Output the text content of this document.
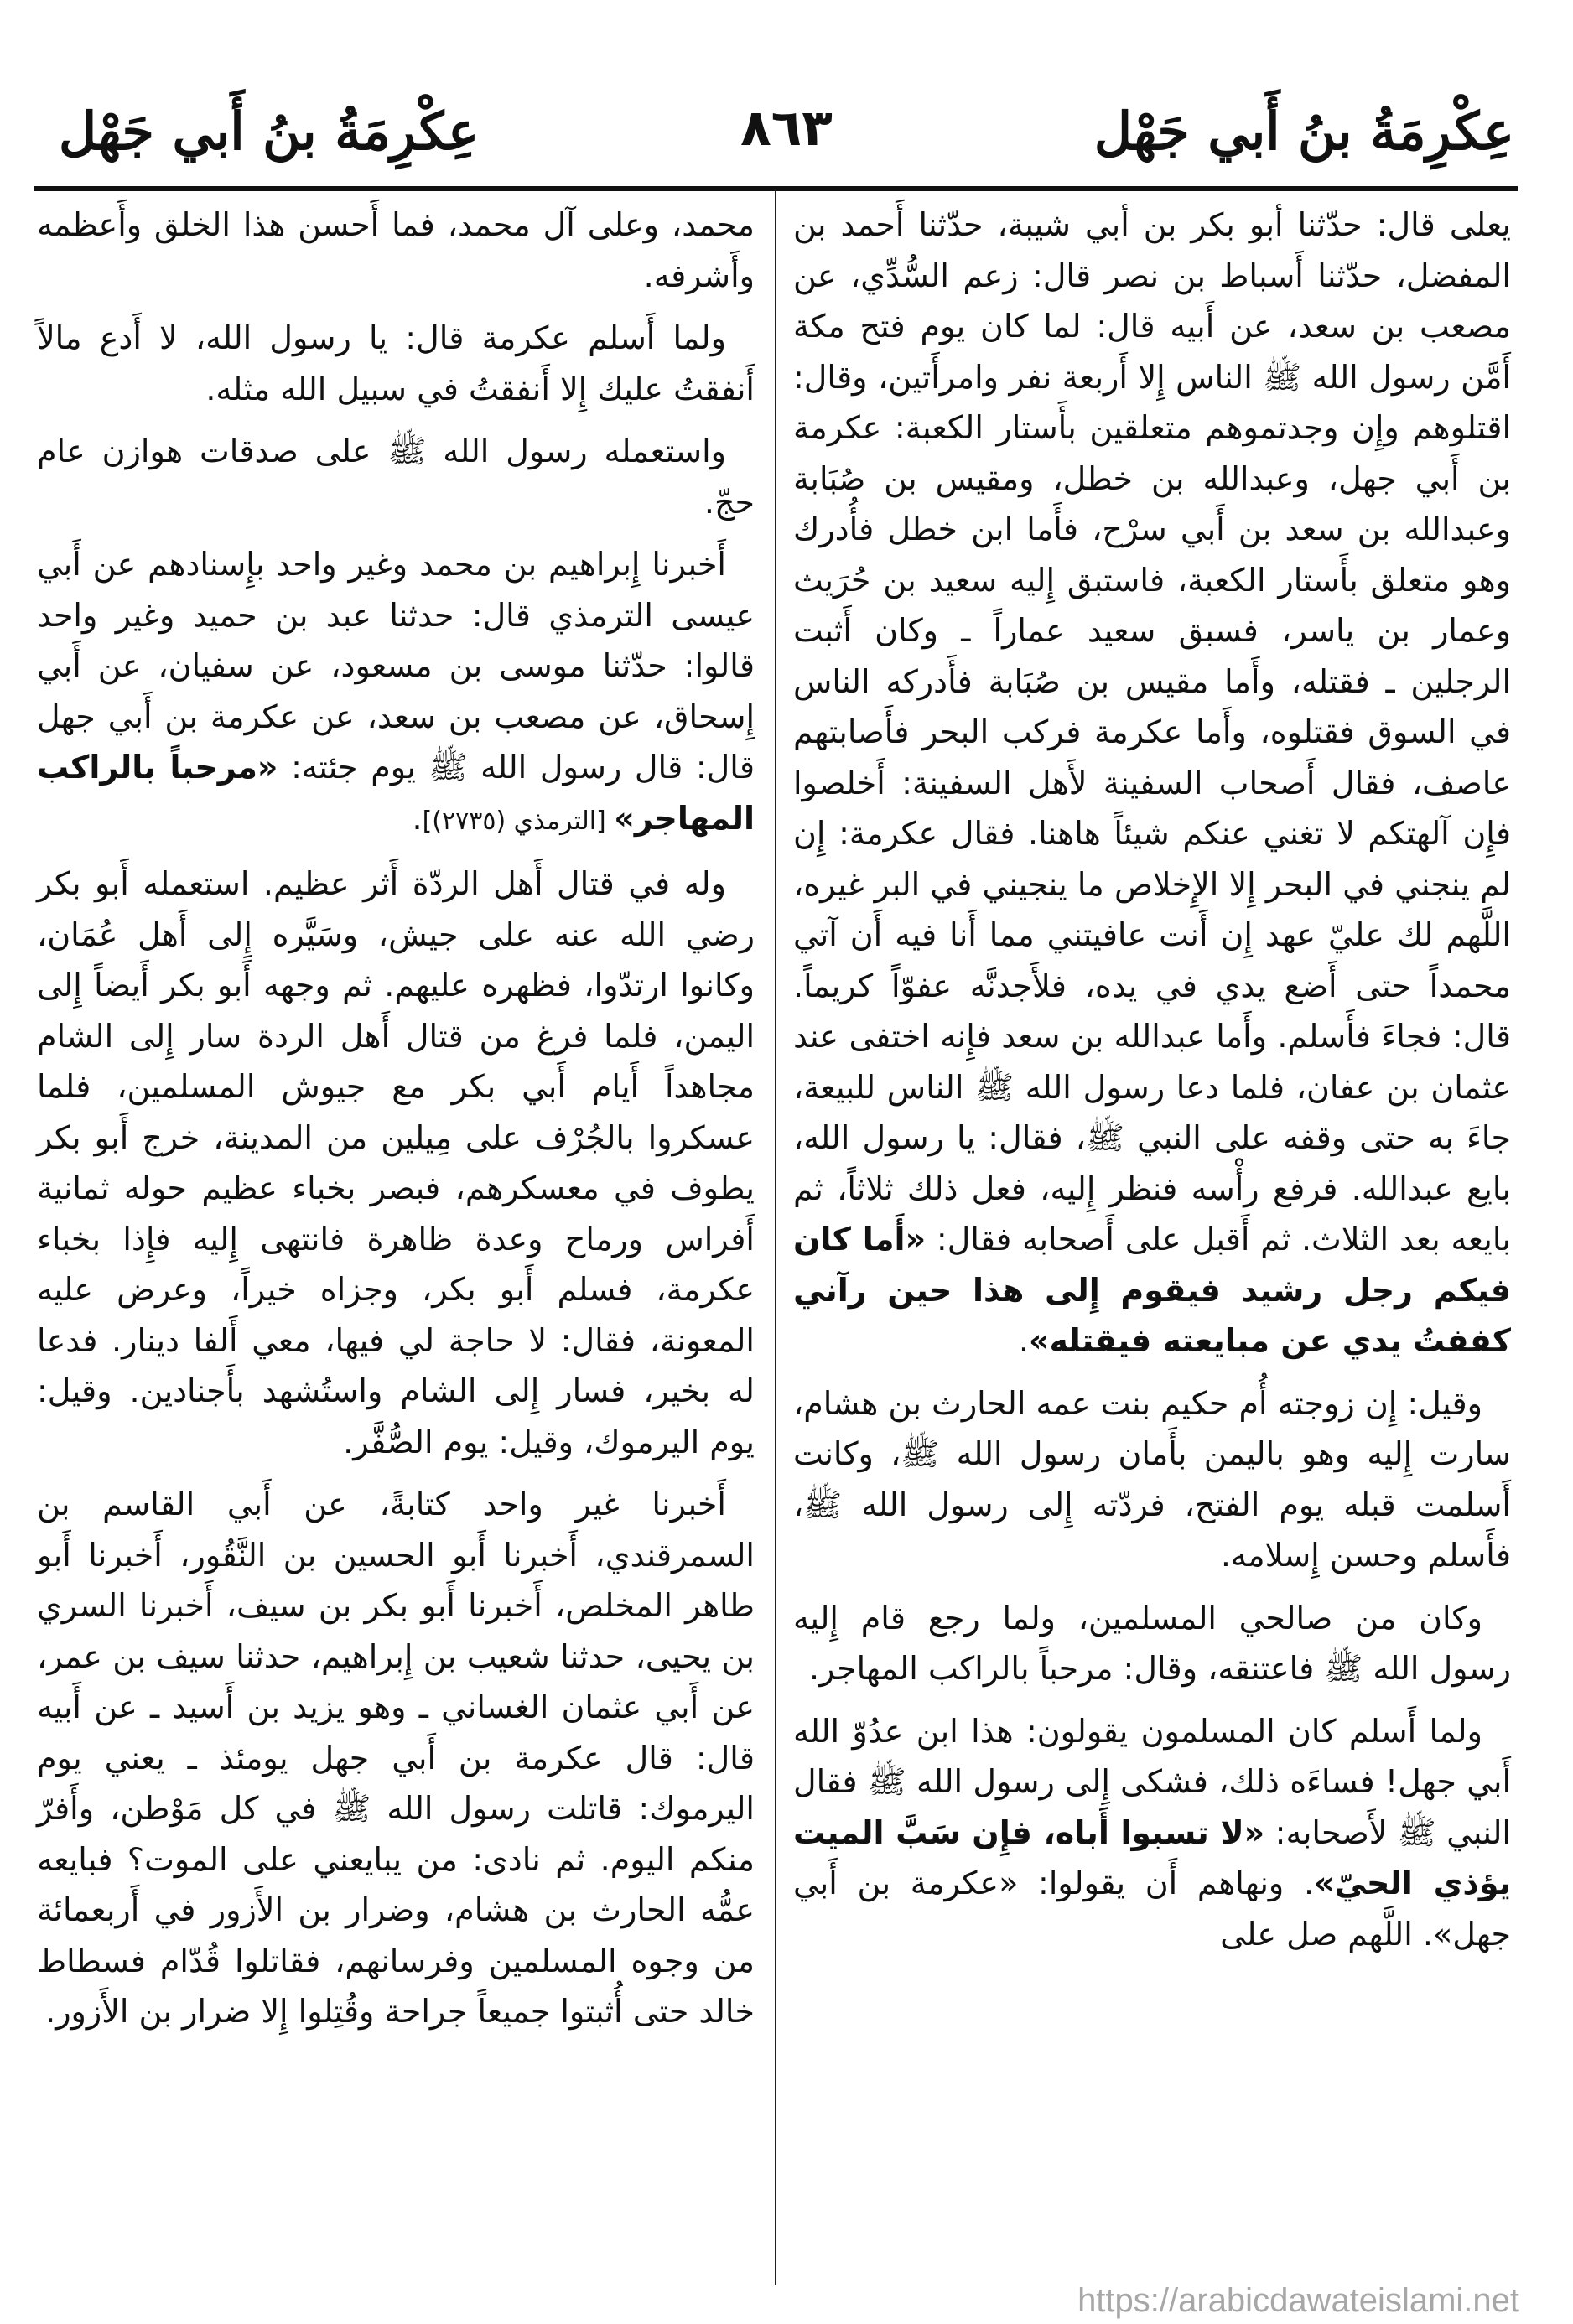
عِكْرِمَةُ بنُ أَبي جَهْل
٨٦٣
عِكْرِمَةُ بنُ أَبي جَهْل

يعلى قال: حدّثنا أبو بكر بن أبي شيبة، حدّثنا أَحمد بن المفضل، حدّثنا أَسباط بن نصر قال: زعم السُّدِّي، عن مصعب بن سعد، عن أَبيه قال: لما كان يوم فتح مكة أَمَّن رسول الله ﷺ الناس إِلا أَربعة نفر وامرأَتين، وقال: اقتلوهم وإِن وجدتموهم متعلقين بأَستار الكعبة: عكرمة بن أَبي جهل، وعبدالله بن خطل، ومقيس بن صُبَابة وعبدالله بن سعد بن أَبي سرْح، فأَما ابن خطل فأُدرك وهو متعلق بأَستار الكعبة، فاستبق إِليه سعيد بن حُرَيث وعمار بن ياسر، فسبق سعيد عماراً ـ وكان أَثبت الرجلين ـ فقتله، وأَما مقيس بن صُبَابة فأَدركه الناس في السوق فقتلوه، وأَما عكرمة فركب البحر فأَصابتهم عاصف، فقال أَصحاب السفينة لأَهل السفينة: أَخلصوا فإِن آلهتكم لا تغني عنكم شيئاً هاهنا. فقال عكرمة: إِن لم ينجني في البحر إِلا الإِخلاص ما ينجيني في البر غيره، اللَّهم لك عليّ عهد إِن أَنت عافيتني مما أَنا فيه أَن آتي محمداً حتى أَضع يدي في يده، فلأَجدنَّه عفوّاً كريماً. قال: فجاءَ فأَسلم. وأَما عبدالله بن سعد فإِنه اختفى عند عثمان بن عفان، فلما دعا رسول الله ﷺ الناس للبيعة، جاءَ به حتى وقفه على النبي ﷺ، فقال: يا رسول الله، بايع عبدالله. فرفع رأْسه فنظر إِليه، فعل ذلك ثلاثاً، ثم بايعه بعد الثلاث. ثم أَقبل على أَصحابه فقال: «أَما كان فيكم رجل رشيد فيقوم إِلى هذا حين رآني كففتُ يدي عن مبايعته فيقتله».

وقيل: إِن زوجته أُم حكيم بنت عمه الحارث بن هشام، سارت إِليه وهو باليمن بأَمان رسول الله ﷺ، وكانت أَسلمت قبله يوم الفتح، فردّته إِلى رسول الله ﷺ، فأَسلم وحسن إِسلامه.

وكان من صالحي المسلمين، ولما رجع قام إِليه رسول الله ﷺ فاعتنقه، وقال: مرحباً بالراكب المهاجر.

ولما أَسلم كان المسلمون يقولون: هذا ابن عدُوّ الله أَبي جهل! فساءَه ذلك، فشكى إِلى رسول الله ﷺ فقال النبي ﷺ لأَصحابه: «لا تسبوا أَباه، فإِن سَبَّ الميت يؤذي الحيّ». ونهاهم أَن يقولوا: «عكرمة بن أَبي جهل». اللَّهم صل على

محمد، وعلى آل محمد، فما أَحسن هذا الخلق وأَعظمه وأَشرفه.

ولما أَسلم عكرمة قال: يا رسول الله، لا أَدع مالاً أَنفقتُ عليك إِلا أَنفقتُ في سبيل الله مثله.

واستعمله رسول الله ﷺ على صدقات هوازن عام حجّ.

أَخبرنا إِبراهيم بن محمد وغير واحد بإِسنادهم عن أَبي عيسى الترمذي قال: حدثنا عبد بن حميد وغير واحد قالوا: حدّثنا موسى بن مسعود، عن سفيان، عن أَبي إِسحاق، عن مصعب بن سعد، عن عكرمة بن أَبي جهل قال: قال رسول الله ﷺ يوم جئته: «مرحباً بالراكب المهاجر» [الترمذي (٢٧٣٥)].

وله في قتال أَهل الردّة أَثر عظيم. استعمله أَبو بكر رضي الله عنه على جيش، وسَيَّره إِلى أَهل عُمَان، وكانوا ارتدّوا، فظهره عليهم. ثم وجهه أَبو بكر أَيضاً إِلى اليمن، فلما فرغ من قتال أَهل الردة سار إِلى الشام مجاهداً أَيام أَبي بكر مع جيوش المسلمين، فلما عسكروا بالجُرْف على مِيلين من المدينة، خرج أَبو بكر يطوف في معسكرهم، فبصر بخباء عظيم حوله ثمانية أَفراس ورماح وعدة ظاهرة فانتهى إِليه فإِذا بخباء عكرمة، فسلم أَبو بكر، وجزاه خيراً، وعرض عليه المعونة، فقال: لا حاجة لي فيها، معي أَلفا دينار. فدعا له بخير، فسار إِلى الشام واستُشهد بأَجنادين. وقيل: يوم اليرموك، وقيل: يوم الصُّفَّر.

أَخبرنا غير واحد كتابةً، عن أَبي القاسم بن السمرقندي، أَخبرنا أَبو الحسين بن النَّقُور، أَخبرنا أَبو طاهر المخلص، أَخبرنا أَبو بكر بن سيف، أَخبرنا السري بن يحيى، حدثنا شعيب بن إِبراهيم، حدثنا سيف بن عمر، عن أَبي عثمان الغساني ـ وهو يزيد بن أَسيد ـ عن أَبيه قال: قال عكرمة بن أَبي جهل يومئذ ـ يعني يوم اليرموك: قاتلت رسول الله ﷺ في كل مَوْطن، وأَفرّ منكم اليوم. ثم نادى: من يبايعني على الموت؟ فبايعه عمُّه الحارث بن هشام، وضرار بن الأَزور في أَربعمائة من وجوه المسلمين وفرسانهم، فقاتلوا قُدّام فسطاط خالد حتى أُثبتوا جميعاً جراحة وقُتِلوا إِلا ضرار بن الأَزور.

https://arabicdawateislami.net
